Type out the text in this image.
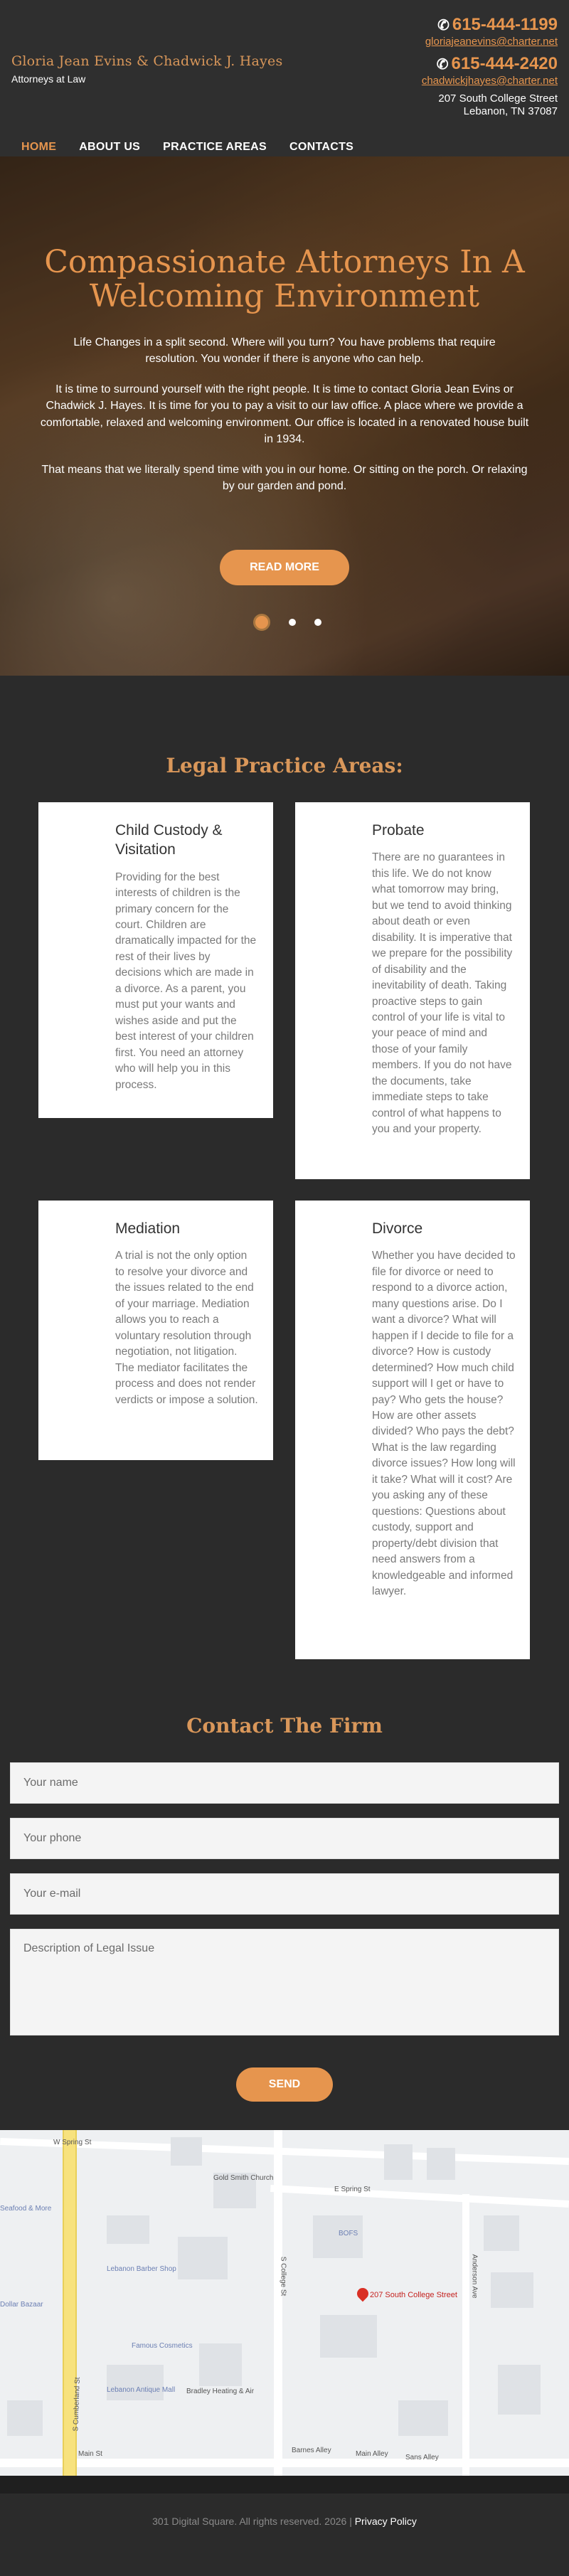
Gloria Jean Evins & Chadwick J. Hayes
Attorneys at Law
✆ 615-444-1199
gloriajeanevins@charter.net
✆ 615-444-2420
chadwickjhayes@charter.net
207 South College Street
Lebanon, TN 37087
HOME ABOUT US PRACTICE AREAS CONTACTS
Compassionate Attorneys In A Welcoming Environment

Life Changes in a split second. Where will you turn? You have problems that require resolution. You wonder if there is anyone who can help.

It is time to surround yourself with the right people. It is time to contact Gloria Jean Evins or Chadwick J. Hayes. It is time for you to pay a visit to our law office. A place where we provide a comfortable, relaxed and welcoming environment. Our office is located in a renovated house built in 1934.

That means that we literally spend time with you in our home. Or sitting on the porch. Or relaxing by our garden and pond.

READ MORE
Legal Practice Areas:
Child Custody & Visitation

Providing for the best interests of children is the primary concern for the court. Children are dramatically impacted for the rest of their lives by decisions which are made in a divorce. As a parent, you must put your wants and wishes aside and put the best interest of your children first. You need an attorney who will help you in this process.

Probate

There are no guarantees in this life. We do not know what tomorrow may bring, but we tend to avoid thinking about death or even disability. It is imperative that we prepare for the possibility of disability and the inevitability of death. Taking proactive steps to gain control of your life is vital to your peace of mind and those of your family members. If you do not have the documents, take immediate steps to take control of what happens to you and your property.

Mediation

A trial is not the only option to resolve your divorce and the issues related to the end of your marriage. Mediation allows you to reach a voluntary resolution through negotiation, not litigation. The mediator facilitates the process and does not render verdicts or impose a solution.

Divorce

Whether you have decided to file for divorce or need to respond to a divorce action, many questions arise. Do I want a divorce? What will happen if I decide to file for a divorce? How is custody determined? How much child support will I get or have to pay? Who gets the house? How are other assets divided? Who pays the debt? What is the law regarding divorce issues? How long will it take? What will it cost? Are you asking any of these questions: Questions about custody, support and property/debt division that need answers from a knowledgeable and informed lawyer.

Contact The Firm
Your name
Your phone
Your e-mail
Description of Legal Issue SEND
W Spring St
E Spring St
Gold Smith Church
BOFS
Lebanon Barber Shop
Famous Cosmetics
Lebanon Antique Mall Bradley Heating & Air
S Cumberland St
S College St	Anderson Ave
Main St	Barnes Alley	Main Alley Sans Alley
Dollar Bazaar
Seafood & More
207 South College Street
301 Digital Square. All rights reserved. 2026 | Privacy Policy
